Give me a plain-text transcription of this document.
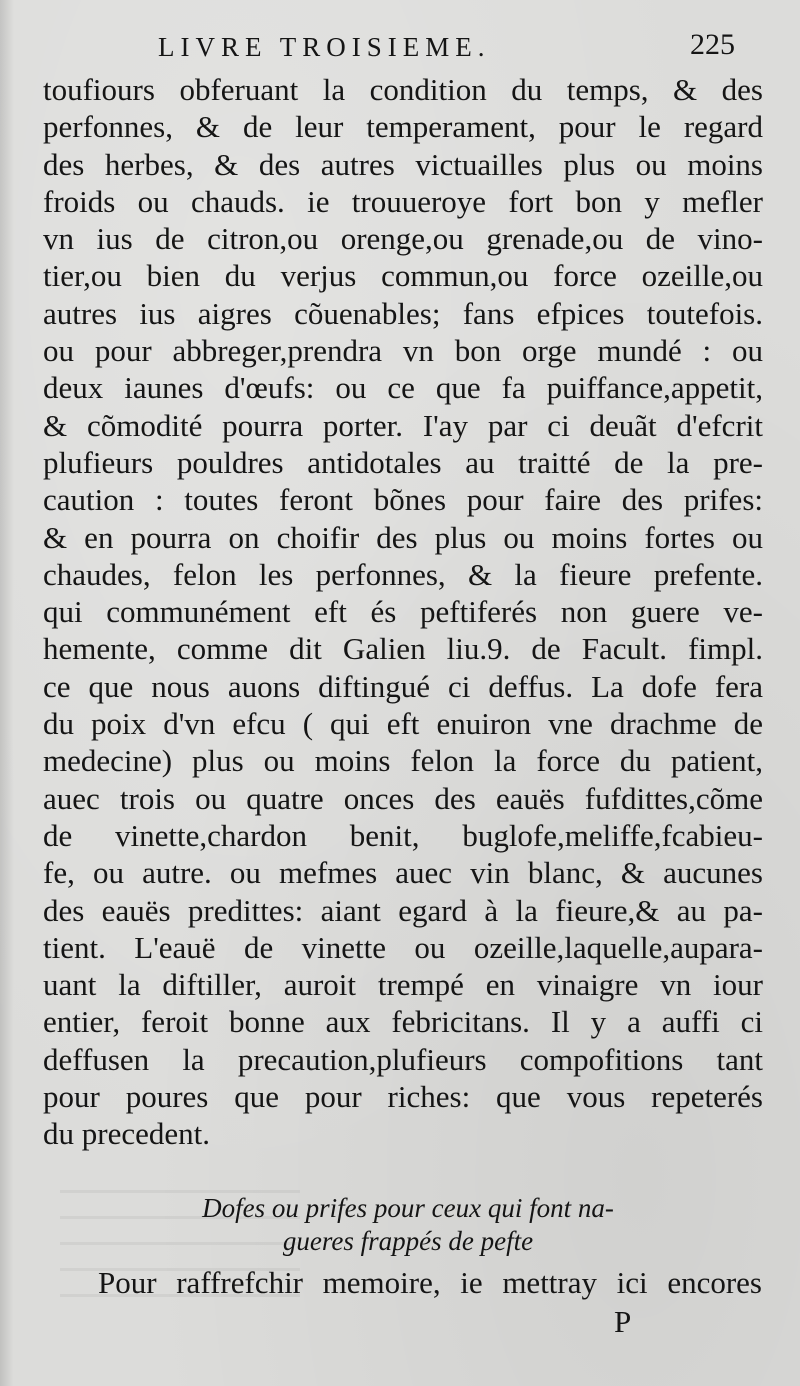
LIVRE TROISIEME.	225
toufiours obferuant la condition du temps, & des
perfonnes, & de leur temperament, pour le regard
des herbes, & des autres victuailles plus ou moins
froids ou chauds. ie trouueroye fort bon y mefler
vn ius de citron,ou orenge,ou grenade,ou de vino-
tier,ou bien du verjus commun,ou force ozeille,ou
autres ius aigres cõuenables; fans efpices toutefois.
ou pour abbreger,prendra vn bon orge mundé : ou
deux iaunes d'œufs: ou ce que fa puiffance,appetit,
& cõmodité pourra porter. I'ay par ci deuãt d'efcrit
plufieurs pouldres antidotales au traitté de la pre-
caution : toutes feront bõnes pour faire des prifes:
& en pourra on choifir des plus ou moins fortes ou
chaudes, felon les perfonnes, & la fieure prefente.
qui communément eft és peftiferés non guere ve-
hemente, comme dit Galien liu.9. de Facult. fimpl.
ce que nous auons diftingué ci deffus. La dofe fera
du poix d'vn efcu ( qui eft enuiron vne drachme de
medecine) plus ou moins felon la force du patient,
auec trois ou quatre onces des eauës fufdittes,cõme
de vinette,chardon benit, buglofe,meliffe,fcabieu-
fe, ou autre. ou mefmes auec vin blanc, & aucunes
des eauës predittes: aiant egard à la fieure,& au pa-
tient. L'eauë de vinette ou ozeille,laquelle,aupara-
uant la diftiller, auroit trempé en vinaigre vn iour
entier, feroit bonne aux febricitans. Il y a auffi ci
deffusen la precaution,plufieurs compofitions tant
pour poures que pour riches: que vous repeterés
du precedent.
Dofes ou prifes pour ceux qui font na-
gueres frappés de pefte
Pour raffrefchir memoire, ie mettray ici encores
P
